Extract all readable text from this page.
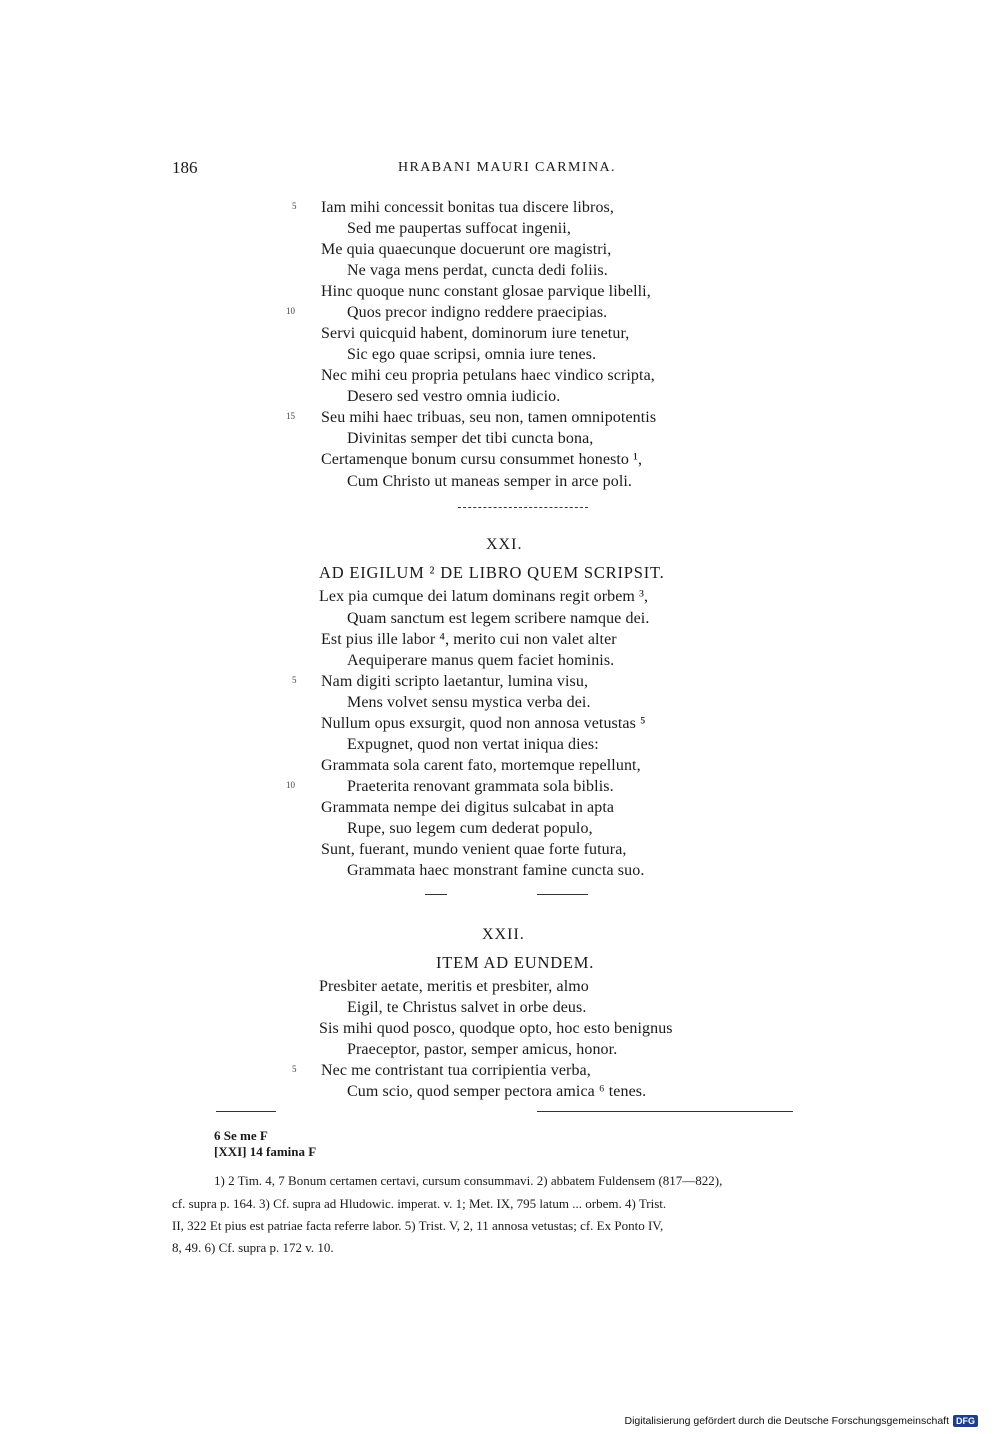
186	HRABANI MAURI CARMINA.
5 Iam mihi concessit bonitas tua discere libros,
Sed me paupertas suffocat ingenii,
Me quia quaecunque docuerunt ore magistri,
Ne vaga mens perdat, cuncta dedi foliis.
Hinc quoque nunc constant glosae parvique libelli,
10	Quos precor indigno reddere praecipias.
Servi quicquid habent, dominorum iure tenetur,
Sic ego quae scripsi, omnia iure tenes.
Nec mihi ceu propria petulans haec vindico scripta,
Desero sed vestro omnia iudicio.
15 Seu mihi haec tribuas, seu non, tamen omnipotentis
Divinitas semper det tibi cuncta bona,
Certamenque bonum cursu consummet honesto ¹,
Cum Christo ut maneas semper in arce poli.
XXI.
AD EIGILUM ² DE LIBRO QUEM SCRIPSIT.
Lex pia cumque dei latum dominans regit orbem ³,
Quam sanctum est legem scribere namque dei.
Est pius ille labor ⁴, merito cui non valet alter
Aequiperare manus quem faciet hominis.
5 Nam digiti scripto laetantur, lumina visu,
Mens volvet sensu mystica verba dei.
Nullum opus exsurgit, quod non annosa vetustas ⁵
Expugnet, quod non vertat iniqua dies:
Grammata sola carent fato, mortemque repellunt,
10	Praeterita renovant grammata sola biblis.
Grammata nempe dei digitus sulcabat in apta
Rupe, suo legem cum dederat populo,
Sunt, fuerant, mundo venient quae forte futura,
Grammata haec monstrant famine cuncta suo.
XXII.
ITEM AD EUNDEM.
Presbiter aetate, meritis et presbiter, almo
Eigil, te Christus salvet in orbe deus.
Sis mihi quod posco, quodque opto, hoc esto benignus
Praeceptor, pastor, semper amicus, honor.
5 Nec me contristant tua corripientia verba,
Cum scio, quod semper pectora amica ⁶ tenes.
6 Se me F
[XXI] 14 famina F
1) 2 Tim. 4, 7 Bonum certamen certavi, cursum consummavi. 2) abbatem Fuldensem (817—822),
cf. supra p. 164. 3) Cf. supra ad Hludowic. imperat. v. 1; Met. IX, 795 latum ... orbem. 4) Trist.
II, 322 Et pius est patriae facta referre labor. 5) Trist. V, 2, 11 annosa vetustas; cf. Ex Ponto IV,
8, 49. 6) Cf. supra p. 172 v. 10.
Digitalisierung gefördert durch die Deutsche Forschungsgemeinschaft DFG
